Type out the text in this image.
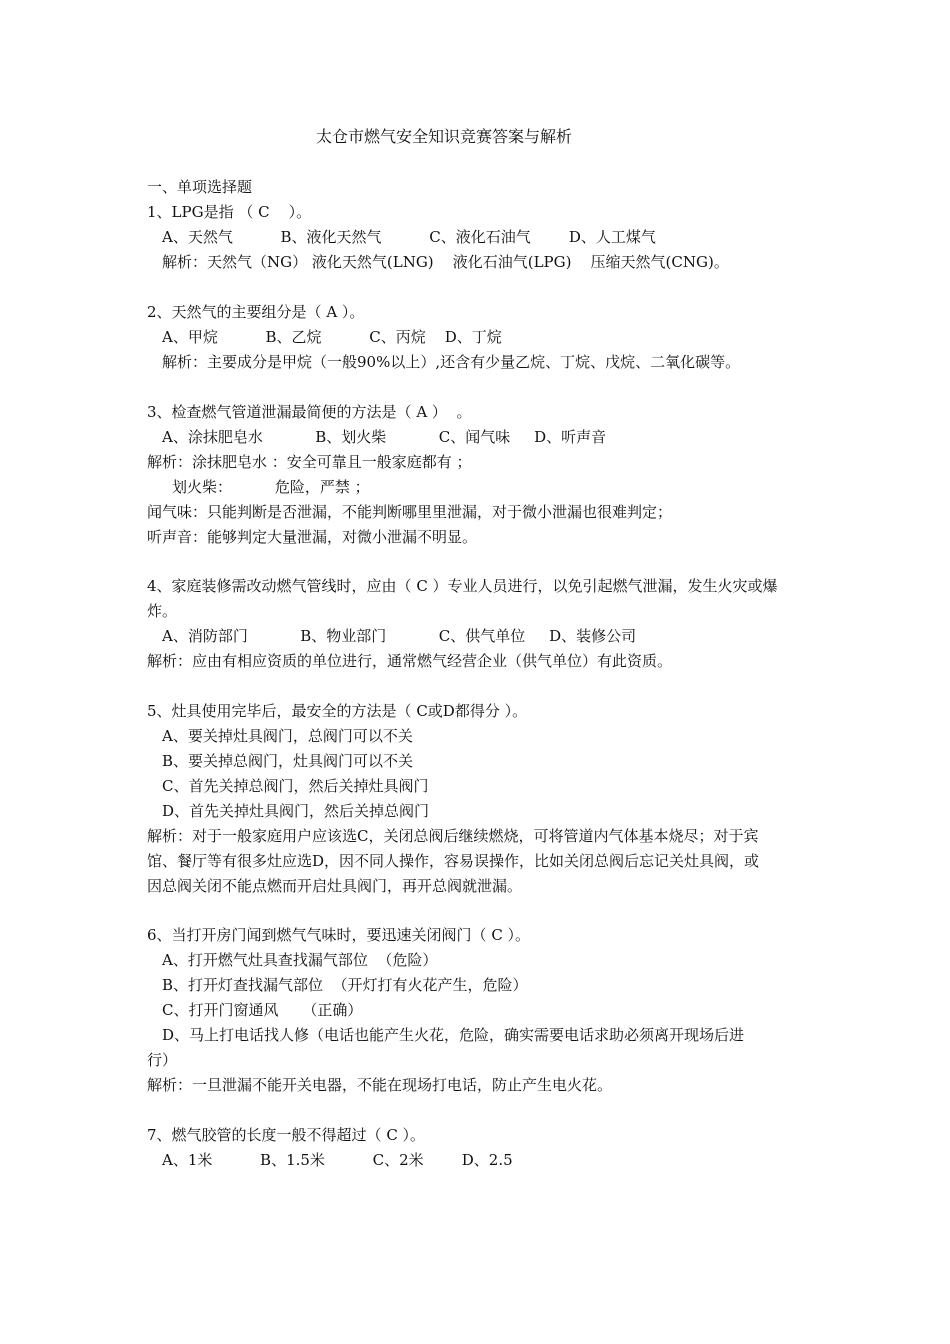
太仓市燃气安全知识竞赛答案与解析
一、单项选择题
1、LPG是指 （ C    ）。
A、天然气          B、液化天然气          C、液化石油气        D、人工煤气
解析：天然气（NG） 液化天然气(LNG)    液化石油气(LPG)    压缩天然气(CNG)。
2、天然气的主要组分是（ A ）。
A、甲烷          B、乙烷          C、丙烷    D、丁烷
解析：主要成分是甲烷（一般90%以上）,还含有少量乙烷、丁烷、戊烷、二氧化碳等。
3、检查燃气管道泄漏最简便的方法是（ A ）  。
A、涂抹肥皂水           B、划火柴           C、闻气味     D、听声音
解析：涂抹肥皂水 ：安全可靠且一般家庭都有 ；
划火柴：         危险，严禁 ；
闻气味：只能判断是否泄漏，不能判断哪里里泄漏，对于微小泄漏也很难判定；
听声音：能够判定大量泄漏，对微小泄漏不明显。
4、家庭装修需改动燃气管线时，应由（ C ）专业人员进行，以免引起燃气泄漏，发生火灾或爆
炸。
A、消防部门           B、物业部门           C、供气单位     D、装修公司
解析：应由有相应资质的单位进行，通常燃气经营企业（供气单位）有此资质。
5、灶具使用完毕后，最安全的方法是（ C或D都得分 ）。
A、要关掉灶具阀门，总阀门可以不关
B、要关掉总阀门，灶具阀门可以不关
C、首先关掉总阀门，然后关掉灶具阀门
D、首先关掉灶具阀门，然后关掉总阀门
解析：对于一般家庭用户应该选C，关闭总阀后继续燃烧，可将管道内气体基本烧尽；对于宾
馆、餐厅等有很多灶应选D，因不同人操作，容易误操作，比如关闭总阀后忘记关灶具阀，或
因总阀关闭不能点燃而开启灶具阀门，再开总阀就泄漏。
6、当打开房门闻到燃气气味时，要迅速关闭阀门（ C ）。
A、打开燃气灶具查找漏气部位  （危险）
B、打开灯查找漏气部位  （开灯打有火花产生，危险）
C、打开门窗通风     （正确）
D、马上打电话找人修（电话也能产生火花，危险，确实需要电话求助必须离开现场后进
行）
解析：一旦泄漏不能开关电器，不能在现场打电话，防止产生电火花。
7、燃气胶管的长度一般不得超过（ C ）。
A、1米          B、1.5米          C、2米        D、2.5
